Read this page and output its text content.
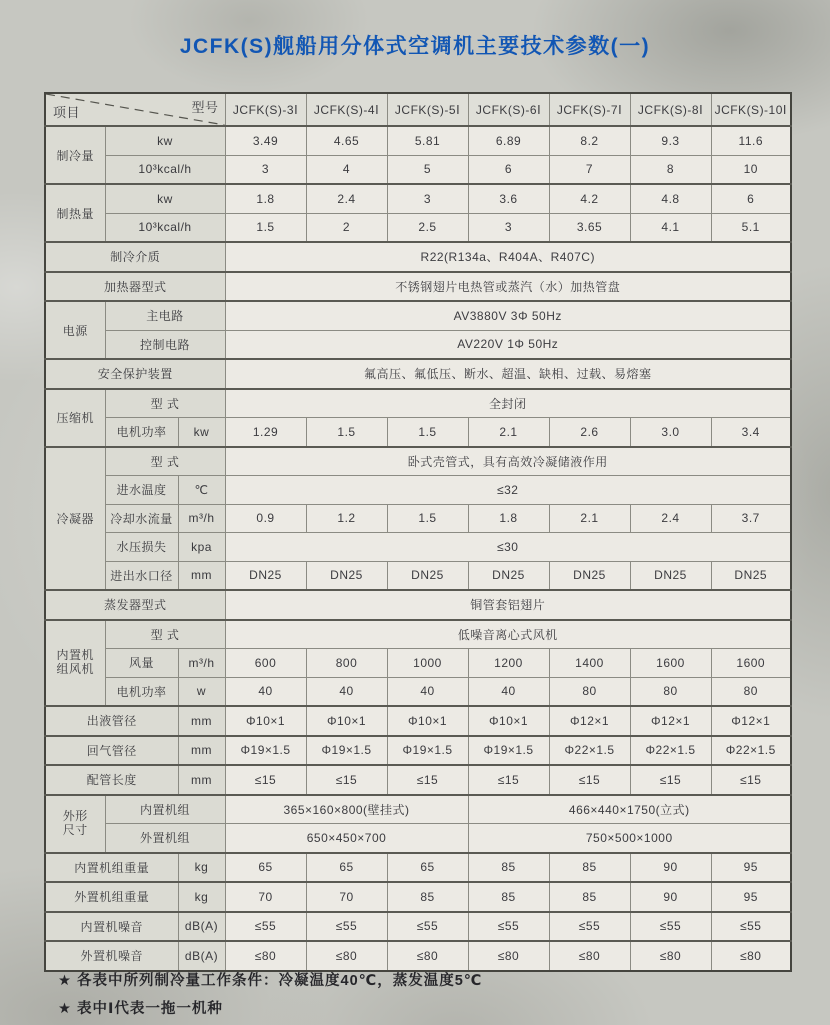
JCFK(S)舰船用分体式空调机主要技术参数(一)
项目 型号			JCFK(S)-3Ⅰ	JCFK(S)-4Ⅰ	JCFK(S)-5Ⅰ	JCFK(S)-6Ⅰ	JCFK(S)-7Ⅰ	JCFK(S)-8Ⅰ	JCFK(S)-10Ⅰ
制冷量	kw		3.49	4.65	5.81	6.89	8.2	9.3	11.6
	10³kcal/h		3	4	5	6	7	8	10
制热量	kw		1.8	2.4	3	3.6	4.2	4.8	6
	10³kcal/h		1.5	2	2.5	3	3.65	4.1	5.1
制冷介质			R22(R134a、R404A、R407C)						
加热器型式			不锈钢翅片电热管或蒸汽（水）加热管盘						
电源	主电路		AV3880V 3Φ 50Hz						
	控制电路		AV220V 1Φ 50Hz						
安全保护装置			氟高压、氟低压、断水、超温、缺相、过载、易熔塞						
压缩机	型 式		全封闭						
	电机功率	kw	1.29	1.5	1.5	2.1	2.6	3.0	3.4
冷凝器	型 式		卧式壳管式，具有高效冷凝储液作用						
	进水温度	℃	≤32						
	冷却水流量	m³/h	0.9	1.2	1.5	1.8	2.1	2.4	3.7
	水压损失	kpa	≤30						
	进出水口径	mm	DN25	DN25	DN25	DN25	DN25	DN25	DN25
蒸发器型式			铜管套铝翅片						
内置机
组风机	型 式		低噪音离心式风机						
	风量	m³/h	600	800	1000	1200	1400	1600	1600
	电机功率	w	40	40	40	40	80	80	80
出液管径		mm	Φ10×1	Φ10×1	Φ10×1	Φ10×1	Φ12×1	Φ12×1	Φ12×1
回气管径		mm	Φ19×1.5	Φ19×1.5	Φ19×1.5	Φ19×1.5	Φ22×1.5	Φ22×1.5	Φ22×1.5
配管长度		mm	≤15	≤15	≤15	≤15	≤15	≤15	≤15
外形
尺寸	内置机组		365×160×800(壁挂式)			466×440×1750(立式)			
	外置机组		650×450×700			750×500×1000			
内置机组重量		kg	65	65	65	85	85	90	95
外置机组重量		kg	70	70	85	85	85	90	95
内置机噪音		dB(A)	≤55	≤55	≤55	≤55	≤55	≤55	≤55
外置机噪音		dB(A)	≤80	≤80	≤80	≤80	≤80	≤80	≤80
★ 各表中所列制冷量工作条件：冷凝温度40℃，蒸发温度5℃
★ 表中Ⅰ代表一拖一机种
